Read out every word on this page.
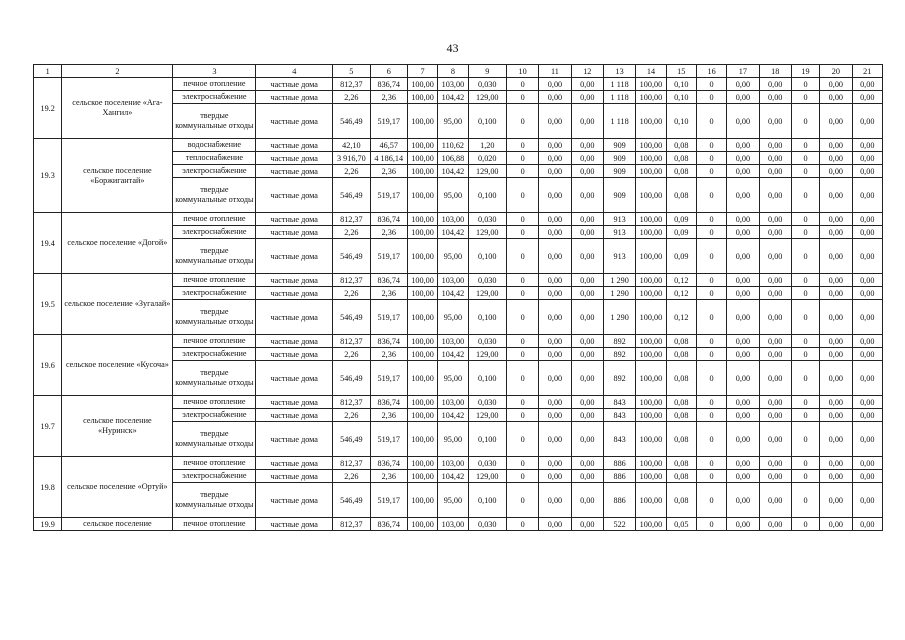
43
1	2	3	4	5	6	7	8	9	10	11	12	13	14	15	16	17	18	19	20	21
19.2	сельское поселение «Ага-Хангил»	печное отопление	частные дома	812,37	836,74	100,00	103,00	0,030	0	0,00	0,00	1 118	100,00	0,10	0	0,00	0,00	0	0,00	0,00
		электроснабжение	частные дома	2,26	2,36	100,00	104,42	129,00	0	0,00	0,00	1 118	100,00	0,10	0	0,00	0,00	0	0,00	0,00
		твердые коммунальные отходы	частные дома	546,49	519,17	100,00	95,00	0,100	0	0,00	0,00	1 118	100,00	0,10	0	0,00	0,00	0	0,00	0,00
19.3	сельское поселение «Боржигантай»	водоснабжение	частные дома	42,10	46,57	100,00	110,62	1,20	0	0,00	0,00	909	100,00	0,08	0	0,00	0,00	0	0,00	0,00
		теплоснабжение	частные дома	3 916,70	4 186,14	100,00	106,88	0,020	0	0,00	0,00	909	100,00	0,08	0	0,00	0,00	0	0,00	0,00
		электроснабжение	частные дома	2,26	2,36	100,00	104,42	129,00	0	0,00	0,00	909	100,00	0,08	0	0,00	0,00	0	0,00	0,00
		твердые коммунальные отходы	частные дома	546,49	519,17	100,00	95,00	0,100	0	0,00	0,00	909	100,00	0,08	0	0,00	0,00	0	0,00	0,00
19.4	сельское поселение «Догой»	печное отопление	частные дома	812,37	836,74	100,00	103,00	0,030	0	0,00	0,00	913	100,00	0,09	0	0,00	0,00	0	0,00	0,00
		электроснабжение	частные дома	2,26	2,36	100,00	104,42	129,00	0	0,00	0,00	913	100,00	0,09	0	0,00	0,00	0	0,00	0,00
		твердые коммунальные отходы	частные дома	546,49	519,17	100,00	95,00	0,100	0	0,00	0,00	913	100,00	0,09	0	0,00	0,00	0	0,00	0,00
19.5	сельское поселение «Зугалай»	печное отопление	частные дома	812,37	836,74	100,00	103,00	0,030	0	0,00	0,00	1 290	100,00	0,12	0	0,00	0,00	0	0,00	0,00
		электроснабжение	частные дома	2,26	2,36	100,00	104,42	129,00	0	0,00	0,00	1 290	100,00	0,12	0	0,00	0,00	0	0,00	0,00
		твердые коммунальные отходы	частные дома	546,49	519,17	100,00	95,00	0,100	0	0,00	0,00	1 290	100,00	0,12	0	0,00	0,00	0	0,00	0,00
19.6	сельское поселение «Кусоча»	печное отопление	частные дома	812,37	836,74	100,00	103,00	0,030	0	0,00	0,00	892	100,00	0,08	0	0,00	0,00	0	0,00	0,00
		электроснабжение	частные дома	2,26	2,36	100,00	104,42	129,00	0	0,00	0,00	892	100,00	0,08	0	0,00	0,00	0	0,00	0,00
		твердые коммунальные отходы	частные дома	546,49	519,17	100,00	95,00	0,100	0	0,00	0,00	892	100,00	0,08	0	0,00	0,00	0	0,00	0,00
19.7	сельское поселение «Нуринск»	печное отопление	частные дома	812,37	836,74	100,00	103,00	0,030	0	0,00	0,00	843	100,00	0,08	0	0,00	0,00	0	0,00	0,00
		электроснабжение	частные дома	2,26	2,36	100,00	104,42	129,00	0	0,00	0,00	843	100,00	0,08	0	0,00	0,00	0	0,00	0,00
		твердые коммунальные отходы	частные дома	546,49	519,17	100,00	95,00	0,100	0	0,00	0,00	843	100,00	0,08	0	0,00	0,00	0	0,00	0,00
19.8	сельское поселение «Ортуй»	печное отопление	частные дома	812,37	836,74	100,00	103,00	0,030	0	0,00	0,00	886	100,00	0,08	0	0,00	0,00	0	0,00	0,00
		электроснабжение	частные дома	2,26	2,36	100,00	104,42	129,00	0	0,00	0,00	886	100,00	0,08	0	0,00	0,00	0	0,00	0,00
		твердые коммунальные отходы	частные дома	546,49	519,17	100,00	95,00	0,100	0	0,00	0,00	886	100,00	0,08	0	0,00	0,00	0	0,00	0,00
19.9	сельское поселение	печное отопление	частные дома	812,37	836,74	100,00	103,00	0,030	0	0,00	0,00	522	100,00	0,05	0	0,00	0,00	0	0,00	0,00
